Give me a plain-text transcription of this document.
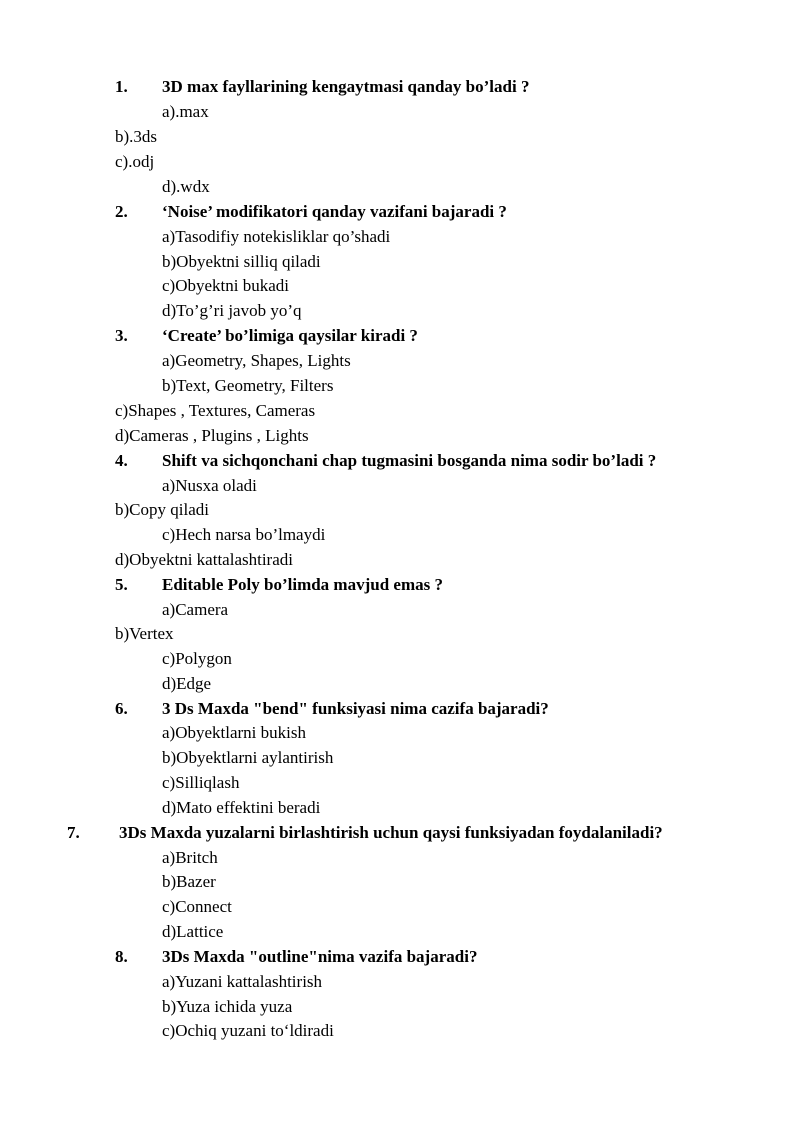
1. 3D max fayllarining kengaytmasi qanday bo’ladi ?
a).max
b).3ds
c).odj
d).wdx
2. ‘Noise’ modifikatori qanday vazifani bajaradi ?
a)Tasodifiy notekisliklar qo’shadi
b)Obyektni silliq qiladi
c)Obyektni bukadi
d)To’g’ri javob yo’q
3. ‘Create’ bo’limiga qaysilar kiradi ?
a)Geometry, Shapes, Lights
b)Text, Geometry, Filters
c)Shapes , Textures, Cameras
d)Cameras , Plugins , Lights
4. Shift va sichqonchani chap tugmasini bosganda nima sodir bo’ladi ?
a)Nusxa oladi
b)Copy qiladi
c)Hech narsa bo’lmaydi
d)Obyektni kattalashtiradi
5. Editable Poly bo’limda mavjud emas ?
a)Camera
b)Vertex
c)Polygon
d)Edge
6. 3 Ds Maxda "bend" funksiyasi nima cazifa bajaradi?
a)Obyektlarni bukish
b)Obyektlarni aylantirish
c)Silliqlash
d)Mato effektini beradi
7. 3Ds Maxda yuzalarni birlashtirish uchun qaysi funksiyadan foydalaniladi?
a)Britch
b)Bazer
c)Connect
d)Lattice
8. 3Ds Maxda "outline"nima vazifa bajaradi?
a)Yuzani kattalashtirish
b)Yuza ichida yuza
c)Ochiq yuzani to‘ldiradi
